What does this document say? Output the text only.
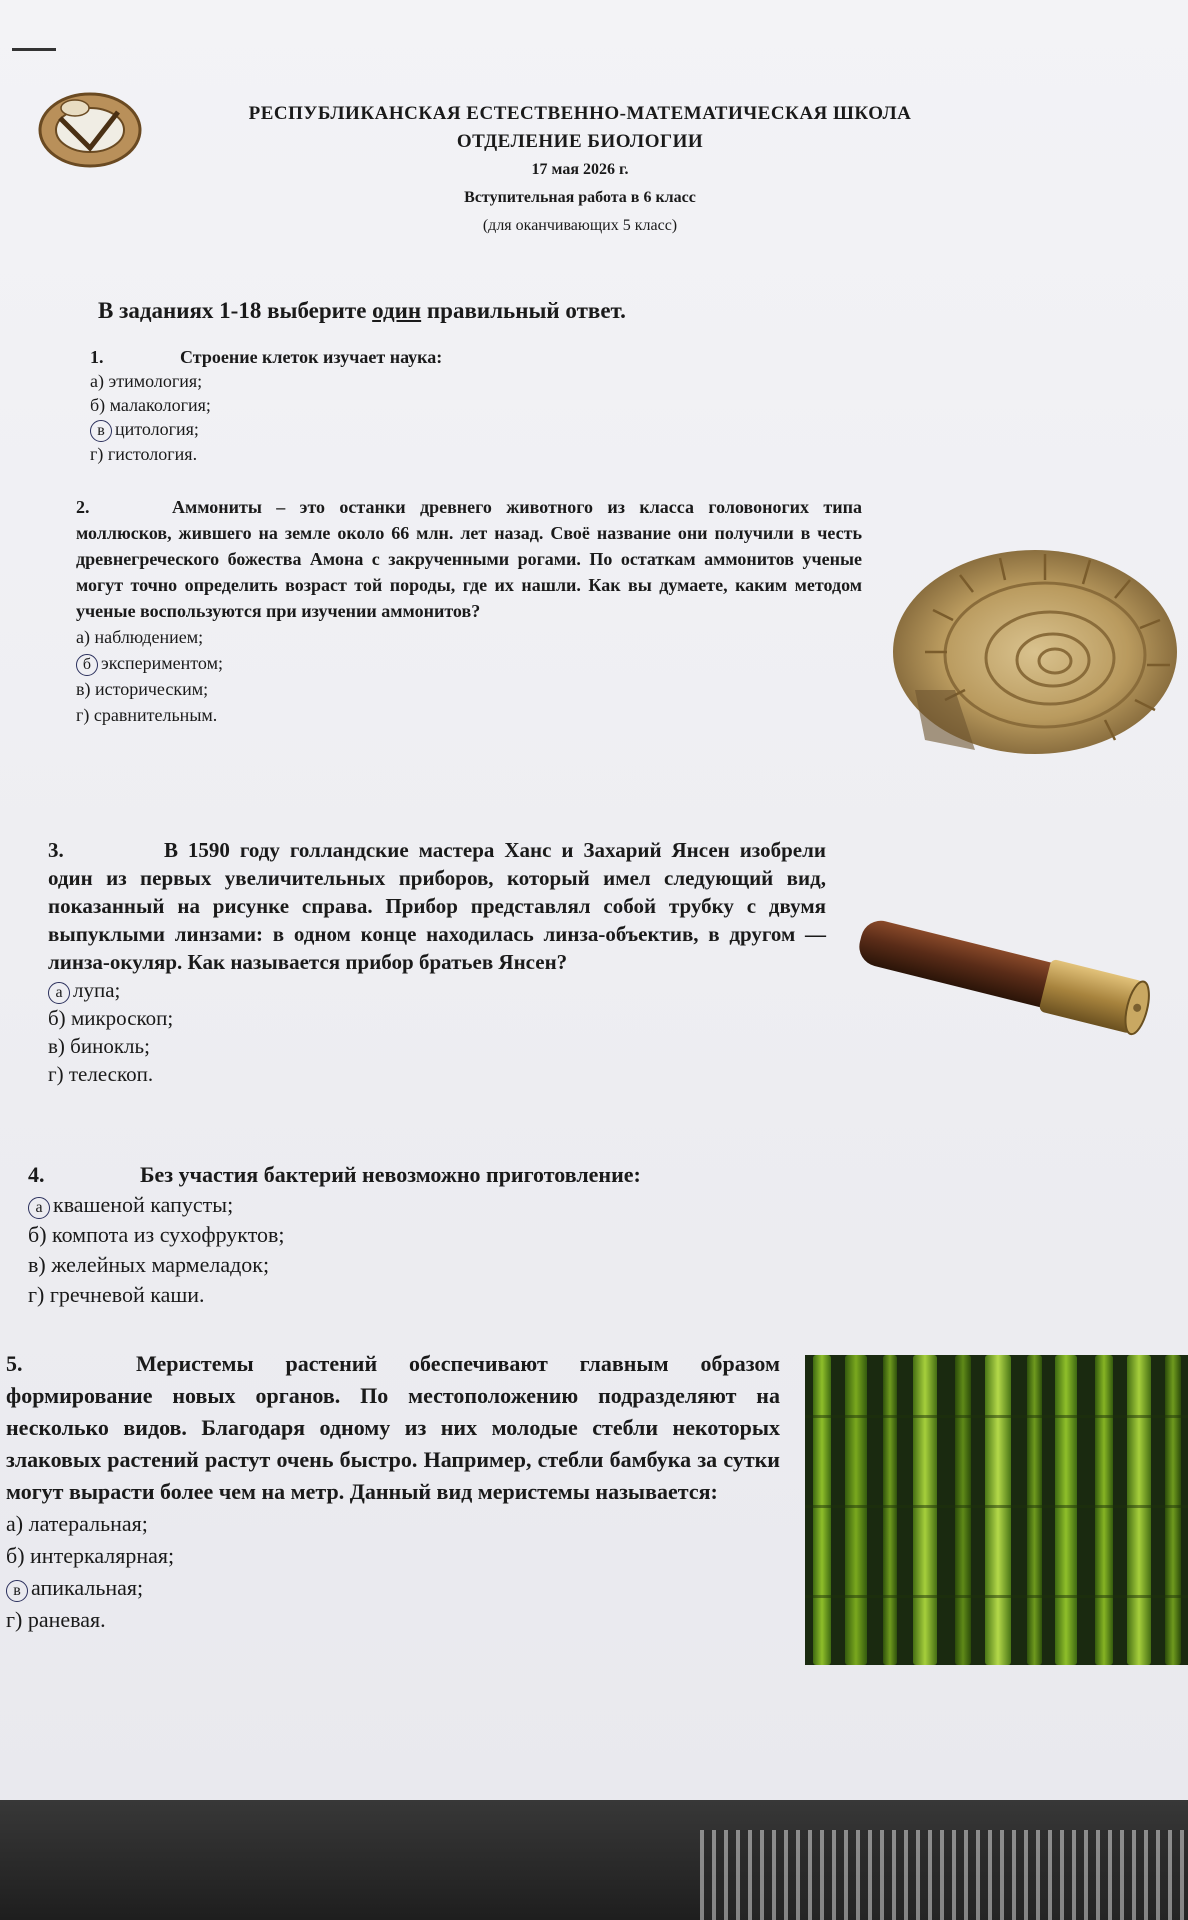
РЕСПУБЛИКАНСКАЯ ЕСТЕСТВЕННО-МАТЕМАТИЧЕСКАЯ ШКОЛА
ОТДЕЛЕНИЕ БИОЛОГИИ
17 мая 2026 г.
Вступительная работа в 6 класс
(для оканчивающих 5 класс)
В заданиях 1-18 выберите один правильный ответ.
1.	Строение клеток изучает наука:
а) этимология;
б) малакология;
в цитология;
г) гистология.
2.	Аммониты – это останки древнего животного из класса головоногих типа моллюсков, жившего на земле около 66 млн. лет назад. Своё название они получили в честь древнегреческого божества Амона с закрученными рогами. По остаткам аммонитов ученые могут точно определить возраст той породы, где их нашли. Как вы думаете, каким методом ученые воспользуются при изучении аммонитов?
а) наблюдением;
б экспериментом;
в) историческим;
г) сравнительным.
3.	В 1590 году голландские мастера Ханс и Захарий Янсен изобрели один из первых увеличительных приборов, который имел следующий вид, показанный на рисунке справа. Прибор представлял собой трубку с двумя выпуклыми линзами: в одном конце находилась линза-объектив, в другом — линза-окуляр. Как называется прибор братьев Янсен?
а лупа;
б) микроскоп;
в) бинокль;
г) телескоп.
4.	Без участия бактерий невозможно приготовление:
а квашеной капусты;
б) компота из сухофруктов;
в) желейных мармеладок;
г) гречневой каши.
5.	Меристемы растений обеспечивают главным образом формирование новых органов. По местоположению подразделяют на несколько видов. Благодаря одному из них молодые стебли некоторых злаковых растений растут очень быстро. Например, стебли бамбука за сутки могут вырасти более чем на метр. Данный вид меристемы называется:
а) латеральная;
б) интеркалярная;
в апикальная;
г) раневая.
